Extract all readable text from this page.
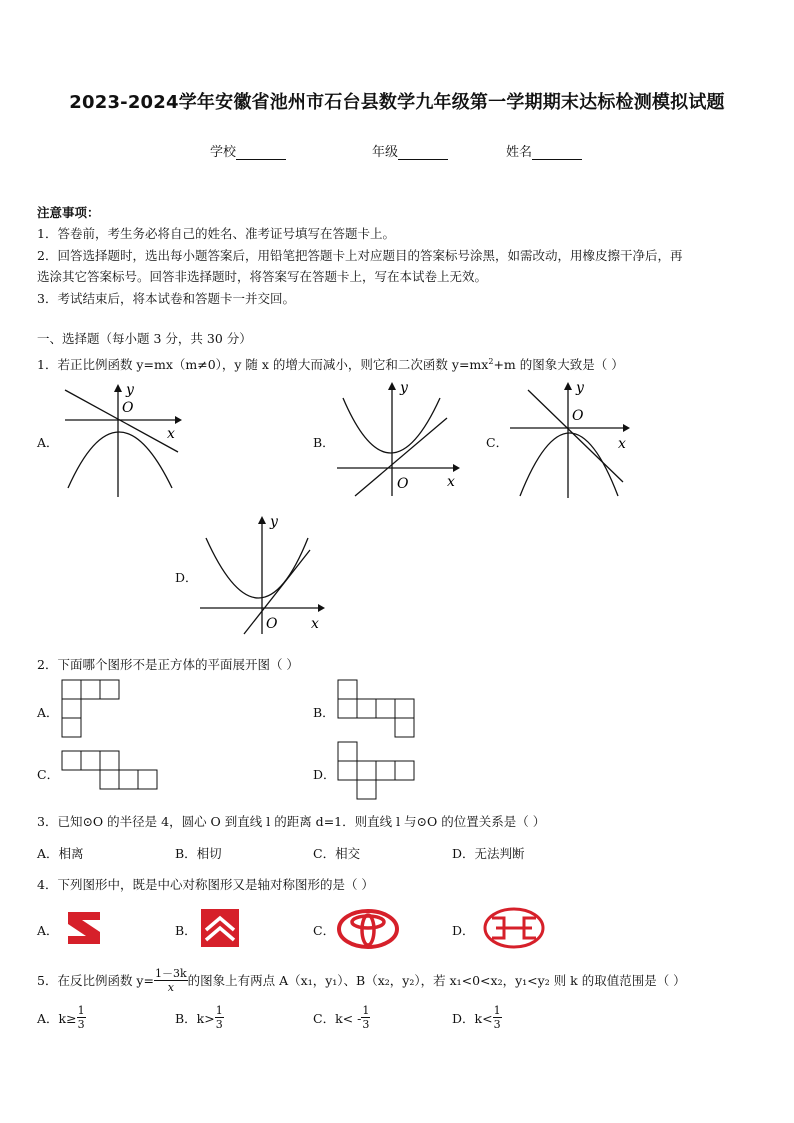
2023-2024学年安徽省池州市石台县数学九年级第一学期期末达标检测模拟试题
学校	年级	姓名
注意事项：
1．答卷前，考生务必将自己的姓名、准考证号填写在答题卡上。
2．回答选择题时，选出每小题答案后，用铅笔把答题卡上对应题目的答案标号涂黑，如需改动，用橡皮擦干净后，再
选涂其它答案标号。回答非选择题时，将答案写在答题卡上，写在本试卷上无效。
3．考试结束后，将本试卷和答题卡一并交回。
一、选择题（每小题 3 分，共 30 分）
1．若正比例函数 y=mx（m≠0），y 随 x 的增大而减小，则它和二次函数 $y=mx^2+m$ 的图象大致是（ ）
A．
y
x
O
B．
y
x
O
C．
y
x
O
D．
y
x
O
2．下面哪个图形不是正方体的平面展开图（ ）
A．	B．
C．	D．
3．已知⊙O 的半径是 4，圆心 O 到直线 l 的距离 d=1．则直线 l 与⊙O 的位置关系是（ ）
A．相离	B．相切	C．相交	D．无法判断
4．下列图形中，既是中心对称图形又是轴对称图形的是（ ）
A．	B．	C．	D．
5．在反比例函数 $y= \frac{1-3k}{x}$ 的图象上有两点 A（x₁，y₁）、B（x₂，y₂），若 x₁<0<x₂，y₁<y₂ 则 k 的取值范围是（ ）
A．$k\ge \frac{1}{3}$	B．$k> \frac{1}{3}$	C．$k< - \frac{1}{3}$	D．$k< \frac{1}{3}$
